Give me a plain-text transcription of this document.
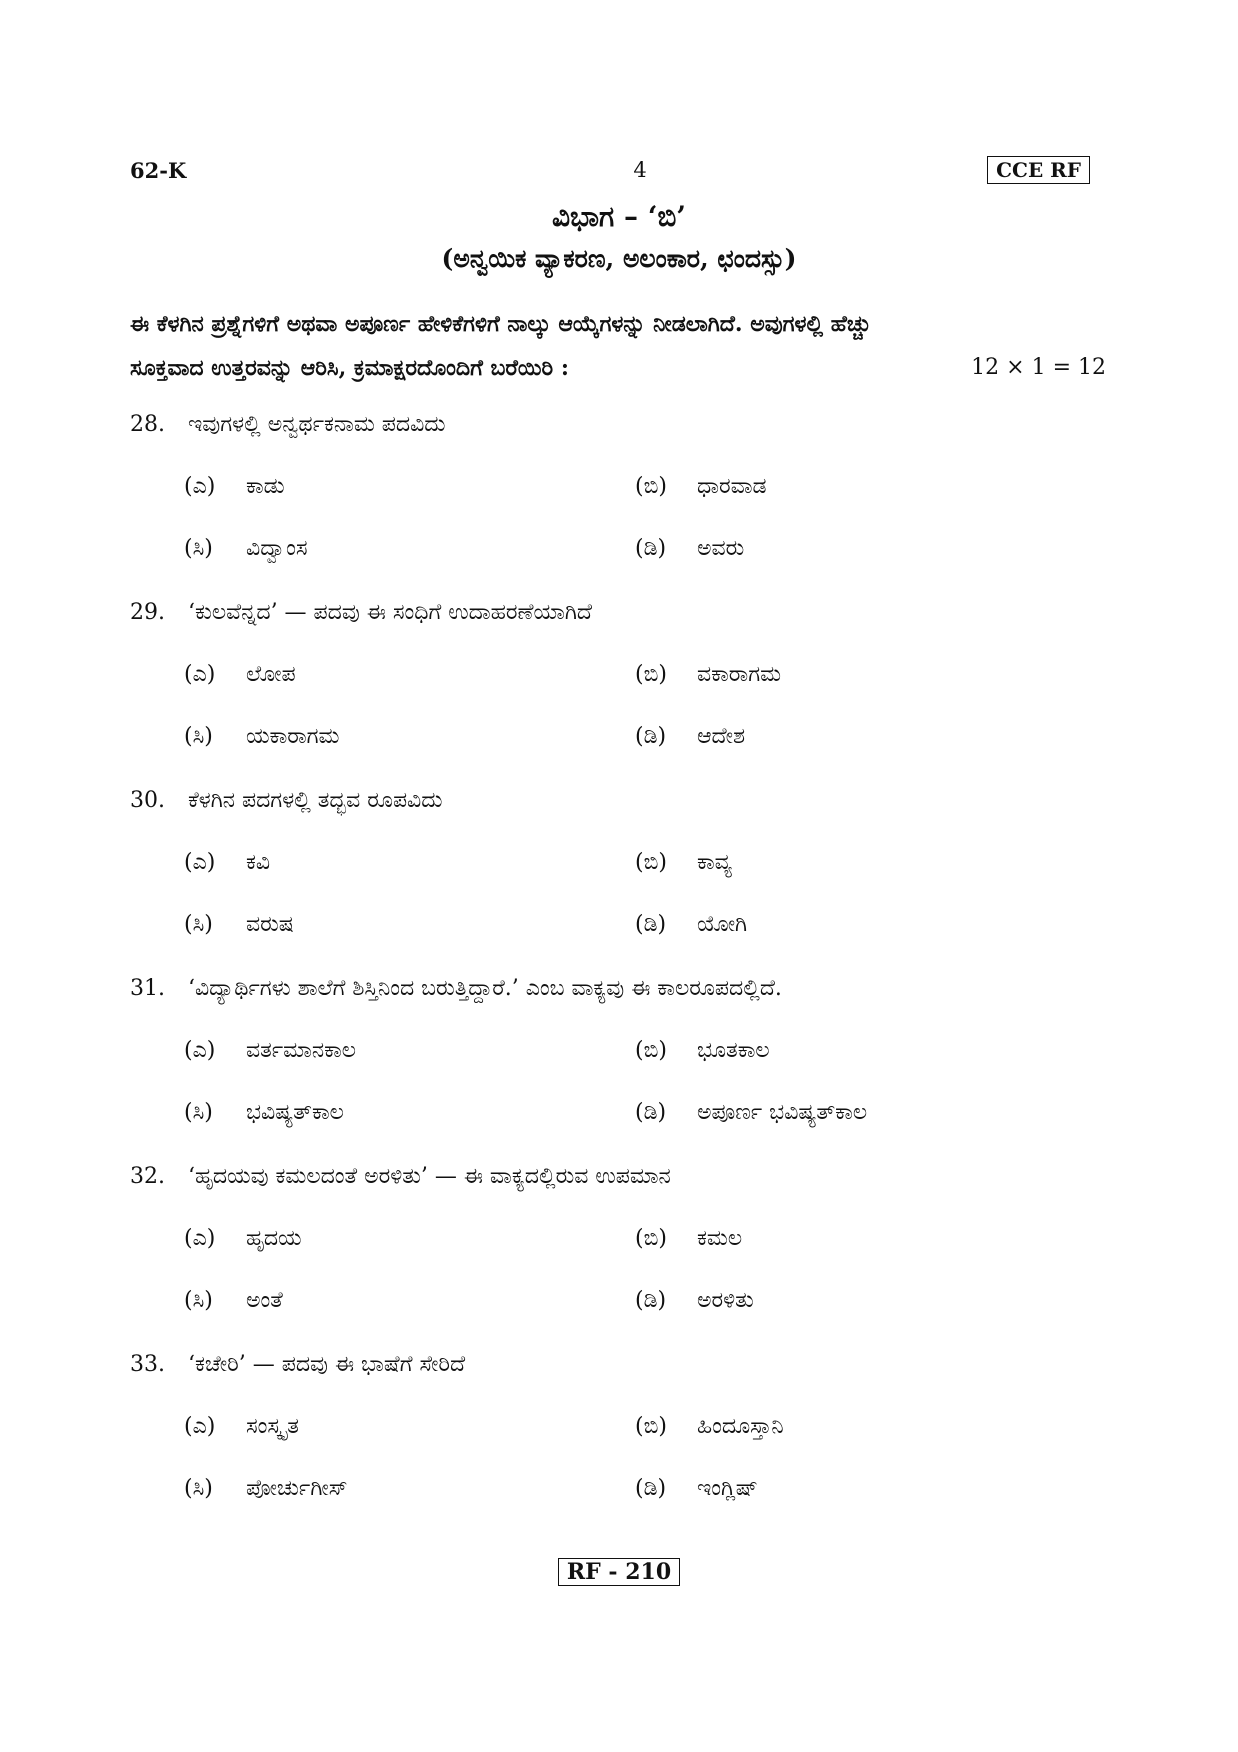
62-K	4	CCE RF
ವಿಭಾಗ – ‘ಬಿ’
(ಅನ್ವಯಿಕ ವ್ಯಾಕರಣ, ಅಲಂಕಾರ, ಛಂದಸ್ಸು)
ಈ ಕೆಳಗಿನ ಪ್ರಶ್ನೆಗಳಿಗೆ ಅಥವಾ ಅಪೂರ್ಣ ಹೇಳಿಕೆಗಳಿಗೆ ನಾಲ್ಕು ಆಯ್ಕೆಗಳನ್ನು ನೀಡಲಾಗಿದೆ. ಅವುಗಳಲ್ಲಿ ಹೆಚ್ಚು
ಸೂಕ್ತವಾದ ಉತ್ತರವನ್ನು ಆರಿಸಿ, ಕ್ರಮಾಕ್ಷರದೊಂದಿಗೆ ಬರೆಯಿರಿ :	12 × 1 = 12
28. ಇವುಗಳಲ್ಲಿ ಅನ್ವರ್ಥಕನಾಮ ಪದವಿದು
(ಎ) ಕಾಡು	(ಬಿ) ಧಾರವಾಡ
(ಸಿ) ವಿದ್ವಾಂಸ	(ಡಿ) ಅವರು
29. ‘ಕುಲವೆನ್ನದ’ — ಪದವು ಈ ಸಂಧಿಗೆ ಉದಾಹರಣೆಯಾಗಿದೆ
(ಎ) ಲೋಪ	(ಬಿ) ವಕಾರಾಗಮ
(ಸಿ) ಯಕಾರಾಗಮ	(ಡಿ) ಆದೇಶ
30. ಕೆಳಗಿನ ಪದಗಳಲ್ಲಿ ತದ್ಭವ ರೂಪವಿದು
(ಎ) ಕವಿ	(ಬಿ) ಕಾವ್ಯ
(ಸಿ) ವರುಷ	(ಡಿ) ಯೋಗಿ
31. ‘ವಿದ್ಯಾರ್ಥಿಗಳು ಶಾಲೆಗೆ ಶಿಸ್ತಿನಿಂದ ಬರುತ್ತಿದ್ದಾರೆ.’ ಎಂಬ ವಾಕ್ಯವು ಈ ಕಾಲರೂಪದಲ್ಲಿದೆ.
(ಎ) ವರ್ತಮಾನಕಾಲ	(ಬಿ) ಭೂತಕಾಲ
(ಸಿ) ಭವಿಷ್ಯತ್‌ಕಾಲ	(ಡಿ) ಅಪೂರ್ಣ ಭವಿಷ್ಯತ್‌ಕಾಲ
32. ‘ಹೃದಯವು ಕಮಲದಂತೆ ಅರಳಿತು’ — ಈ ವಾಕ್ಯದಲ್ಲಿರುವ ಉಪಮಾನ
(ಎ) ಹೃದಯ	(ಬಿ) ಕಮಲ
(ಸಿ) ಅಂತೆ	(ಡಿ) ಅರಳಿತು
33. ‘ಕಚೇರಿ’ — ಪದವು ಈ ಭಾಷೆಗೆ ಸೇರಿದೆ
(ಎ) ಸಂಸ್ಕೃತ	(ಬಿ) ಹಿಂದೂಸ್ತಾನಿ
(ಸಿ) ಪೋರ್ಚುಗೀಸ್	(ಡಿ) ಇಂಗ್ಲಿಷ್
RF - 210
